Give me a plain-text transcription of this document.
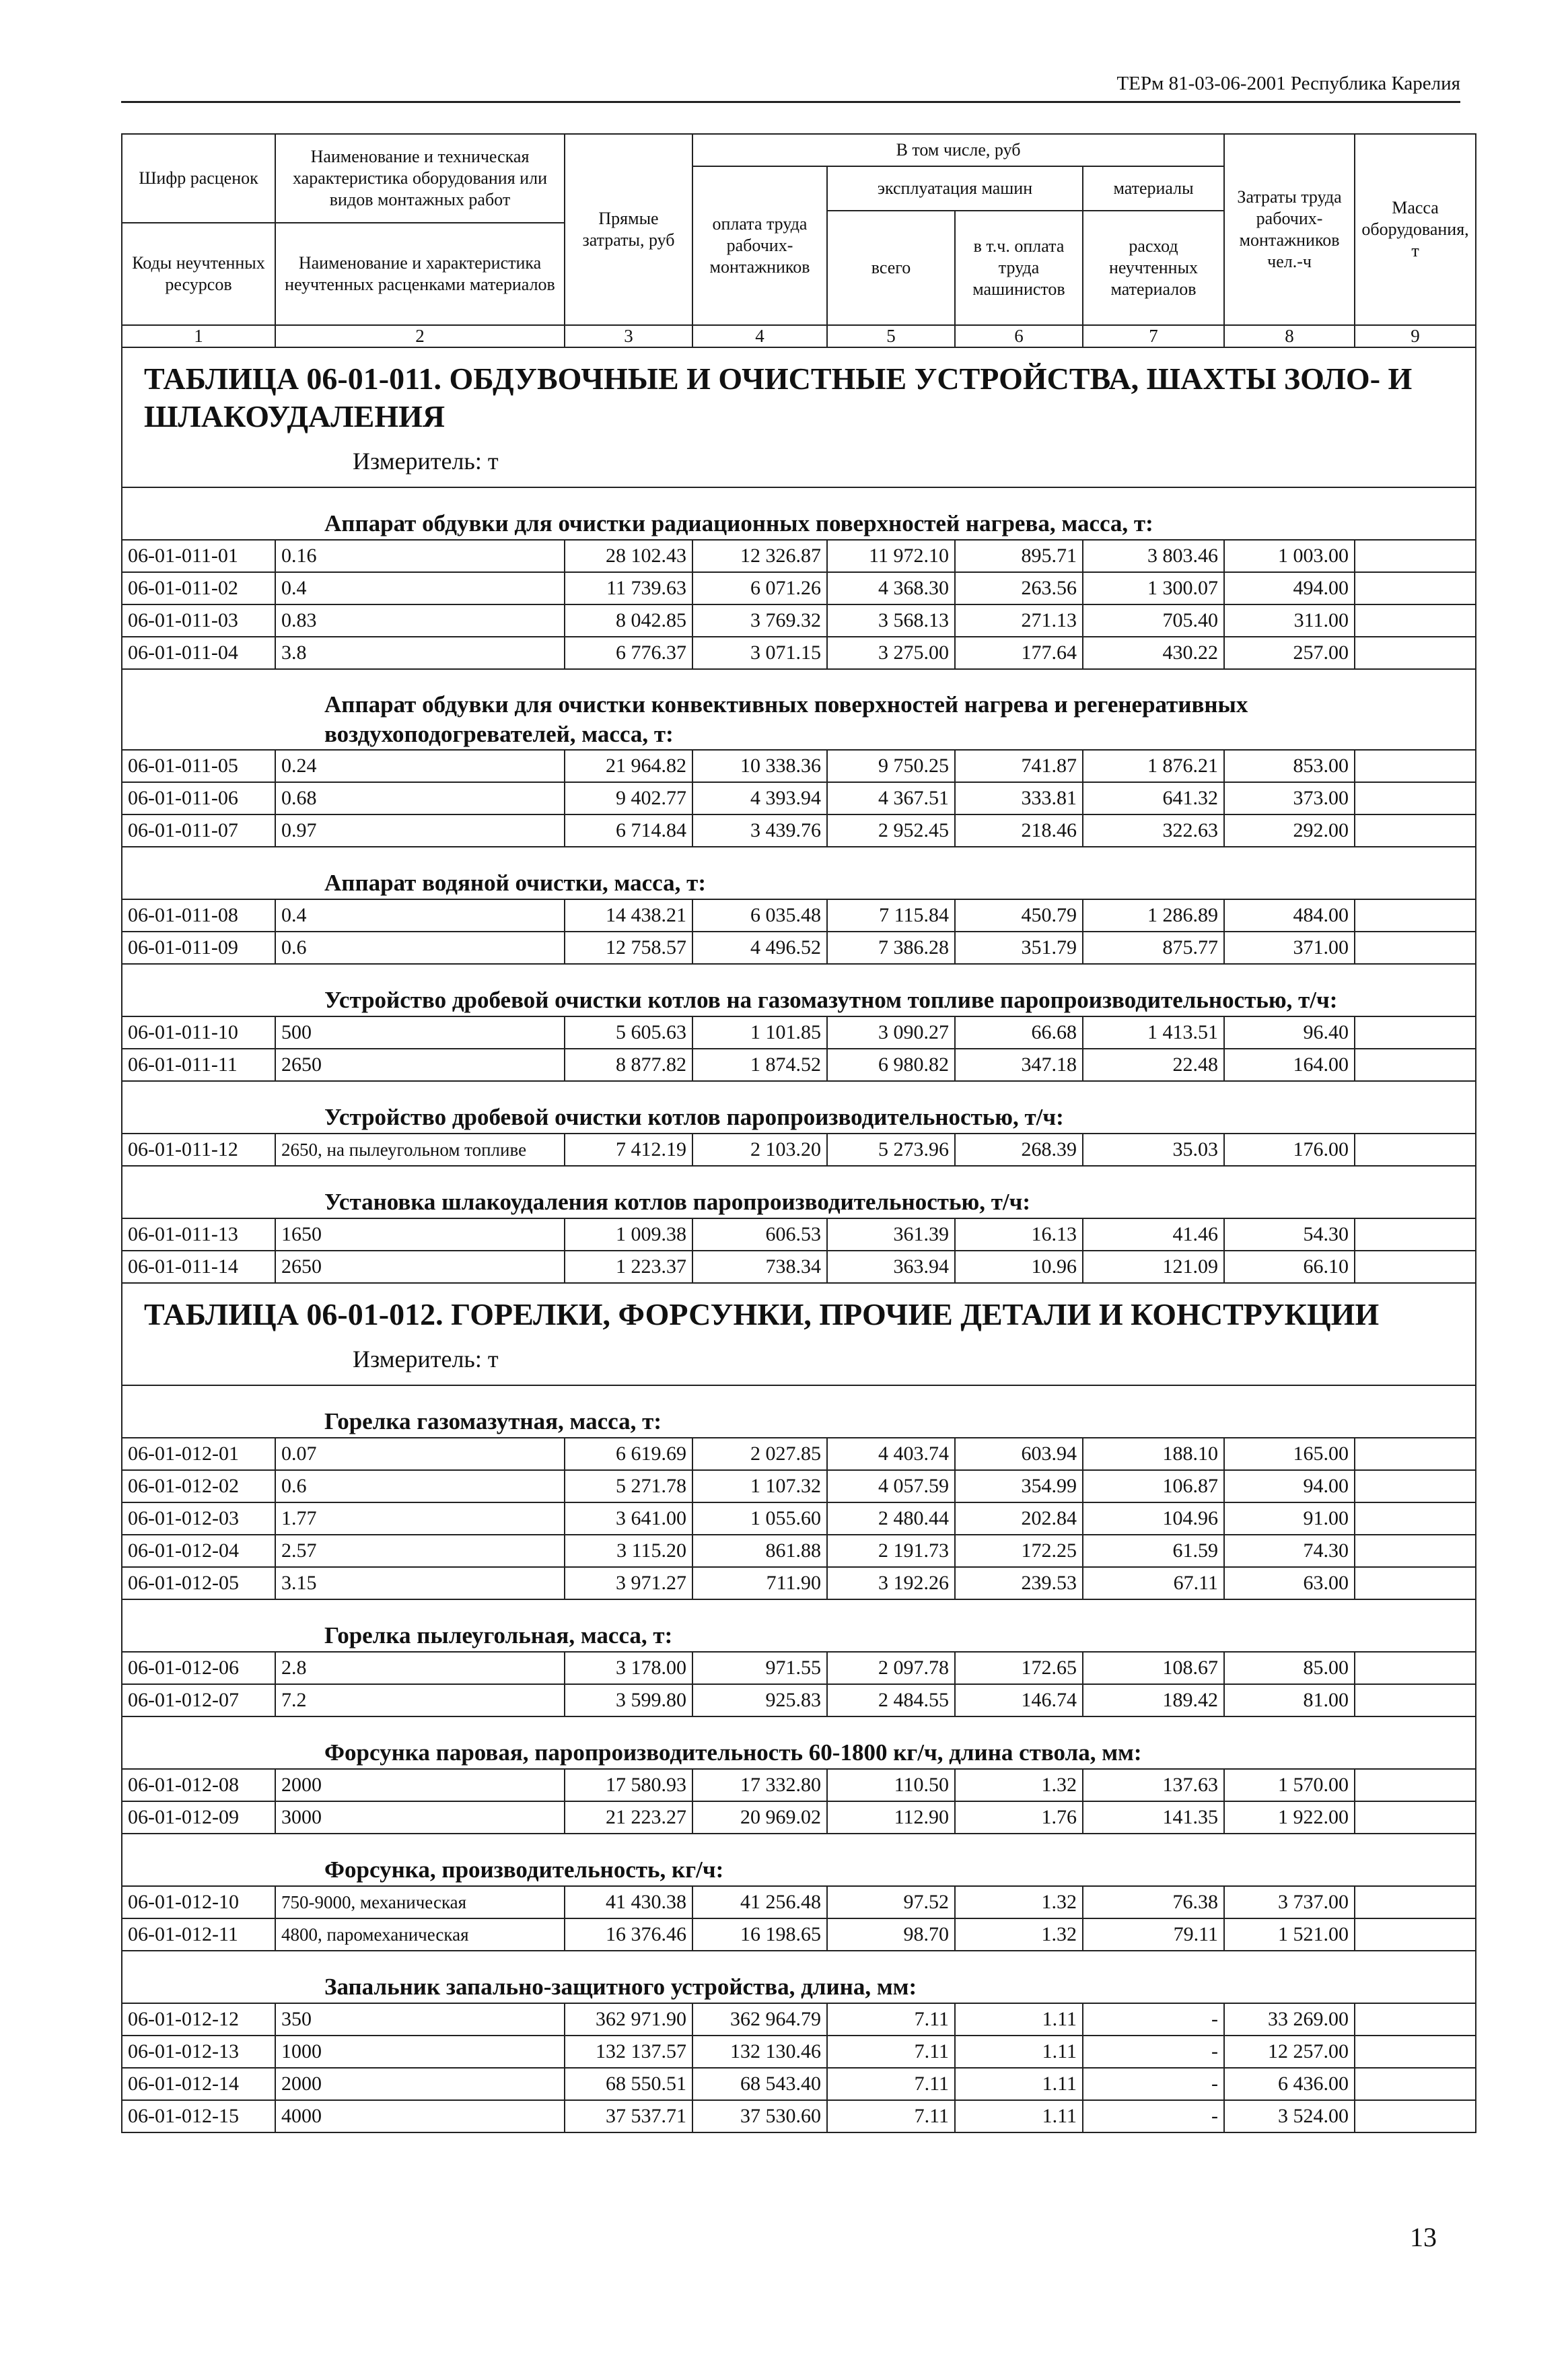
ТЕРм 81-03-06-2001 Республика Карелия
Шифр расценок	Наименование и техническая характеристика оборудования или видов монтажных работ	Прямые затраты, руб	В том числе, руб				Затраты труда рабочих-монтажников чел.-ч	Масса оборудования, т
			оплата труда рабочих-монтажников	эксплуатация машин		материалы		
				всего	в т.ч. оплата труда машинистов	расход неучтенных материалов		
Коды неучтенных ресурсов	Наименование и характеристика неучтенных расценками материалов							

1	2	3	4	5	6	7	8	9
ТАБЛИЦА 06-01-011. ОБДУВОЧНЫЕ И ОЧИСТНЫЕ УСТРОЙСТВА, ШАХТЫ ЗОЛО- И ШЛАКОУДАЛЕНИЯ
Измеритель: т								

Аппарат обдувки для очистки радиационных поверхностей нагрева, масса, т:								
06-01-011-01	0.16	28 102.43	12 326.87	11 972.10	895.71	3 803.46	1 003.00	
06-01-011-02	0.4	11 739.63	6 071.26	4 368.30	263.56	1 300.07	494.00	
06-01-011-03	0.83	8 042.85	3 769.32	3 568.13	271.13	705.40	311.00	
06-01-011-04	3.8	6 776.37	3 071.15	3 275.00	177.64	430.22	257.00	
Аппарат обдувки для очистки конвективных поверхностей нагрева и регенеративных воздухоподогревателей, масса, т:								
06-01-011-05	0.24	21 964.82	10 338.36	9 750.25	741.87	1 876.21	853.00	
06-01-011-06	0.68	9 402.77	4 393.94	4 367.51	333.81	641.32	373.00	
06-01-011-07	0.97	6 714.84	3 439.76	2 952.45	218.46	322.63	292.00	
Аппарат водяной очистки, масса, т:								
06-01-011-08	0.4	14 438.21	6 035.48	7 115.84	450.79	1 286.89	484.00	
06-01-011-09	0.6	12 758.57	4 496.52	7 386.28	351.79	875.77	371.00	
Устройство дробевой очистки котлов на газомазутном топливе паропроизводительностью, т/ч:								
06-01-011-10	500	5 605.63	1 101.85	3 090.27	66.68	1 413.51	96.40	
06-01-011-11	2650	8 877.82	1 874.52	6 980.82	347.18	22.48	164.00	
Устройство дробевой очистки котлов паропроизводительностью, т/ч:								
06-01-011-12	2650, на пылеугольном топливе	7 412.19	2 103.20	5 273.96	268.39	35.03	176.00	
Установка шлакоудаления котлов паропроизводительностью, т/ч:								
06-01-011-13	1650	1 009.38	606.53	361.39	16.13	41.46	54.30	
06-01-011-14	2650	1 223.37	738.34	363.94	10.96	121.09	66.10	
ТАБЛИЦА 06-01-012. ГОРЕЛКИ, ФОРСУНКИ, ПРОЧИЕ ДЕТАЛИ И КОНСТРУКЦИИ
Измеритель: т								

Горелка газомазутная, масса, т:								
06-01-012-01	0.07	6 619.69	2 027.85	4 403.74	603.94	188.10	165.00	
06-01-012-02	0.6	5 271.78	1 107.32	4 057.59	354.99	106.87	94.00	
06-01-012-03	1.77	3 641.00	1 055.60	2 480.44	202.84	104.96	91.00	
06-01-012-04	2.57	3 115.20	861.88	2 191.73	172.25	61.59	74.30	
06-01-012-05	3.15	3 971.27	711.90	3 192.26	239.53	67.11	63.00	
Горелка пылеугольная, масса, т:								
06-01-012-06	2.8	3 178.00	971.55	2 097.78	172.65	108.67	85.00	
06-01-012-07	7.2	3 599.80	925.83	2 484.55	146.74	189.42	81.00	
Форсунка паровая, паропроизводительность 60-1800 кг/ч, длина ствола, мм:								
06-01-012-08	2000	17 580.93	17 332.80	110.50	1.32	137.63	1 570.00	
06-01-012-09	3000	21 223.27	20 969.02	112.90	1.76	141.35	1 922.00	
Форсунка, производительность, кг/ч:								
06-01-012-10	750-9000, механическая	41 430.38	41 256.48	97.52	1.32	76.38	3 737.00	
06-01-012-11	4800, паромеханическая	16 376.46	16 198.65	98.70	1.32	79.11	1 521.00	
Запальник запально-защитного устройства, длина, мм:								
06-01-012-12	350	362 971.90	362 964.79	7.11	1.11	-	33 269.00	
06-01-012-13	1000	132 137.57	132 130.46	7.11	1.11	-	12 257.00	
06-01-012-14	2000	68 550.51	68 543.40	7.11	1.11	-	6 436.00	
06-01-012-15	4000	37 537.71	37 530.60	7.11	1.11	-	3 524.00	
13
